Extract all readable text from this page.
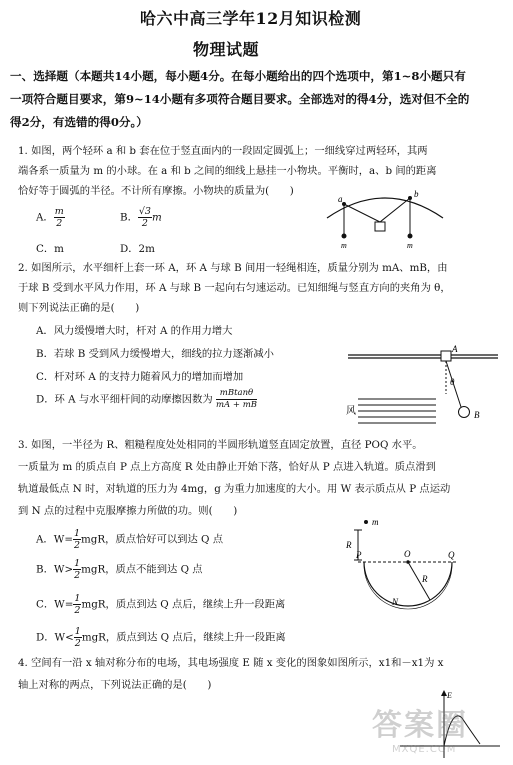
哈六中高三学年12月知识检测
物理试题
一、选择题（本题共14小题，每小题4分。在每小题给出的四个选项中，第1~8小题只有
一项符合题目要求，第9~14小题有多项符合题目要求。全部选对的得4分，选对但不全的
得2分，有选错的得0分。）
1. 如图，两个轻环 a 和 b 套在位于竖直面内的一段固定圆弧上；一细线穿过两轻环，其两
端各系一质量为 m 的小球。在 a 和 b 之间的细线上悬挂一小物块。平衡时，a、b 间的距离
恰好等于圆弧的半径。不计所有摩擦。小物块的质量为(　　)
A． $\frac{m}{2}$	B． $\frac{√3}{2}$ m
C．m	D．2m
a	b
m	m
2. 如图所示，水平细杆上套一环 A，环 A 与球 B 间用一轻绳相连，质量分别为 mA、mB，由
于球 B 受到水平风力作用，环 A 与球 B 一起向右匀速运动。已知细绳与竖直方向的夹角为 θ，
则下列说法正确的是(　　)
A．风力缓慢增大时，杆对 A 的作用力增大
B．若球 B 受到风力缓慢增大，细线的拉力逐渐减小
C．杆对环 A 的支持力随着风力的增加而增加
D．环 A 与水平细杆间的动摩擦因数为 $\frac{mBtan\theta}{mA + mB}$
A
θ
B
风
3. 如图，一半径为 R、粗糙程度处处相同的半圆形轨道竖直固定放置，直径 POQ 水平。
一质量为 m 的质点自 P 点上方高度 R 处由静止开始下落，恰好从 P 点进入轨道。质点滑到
轨道最低点 N 时，对轨道的压力为 4mg，g 为重力加速度的大小。用 W 表示质点从 P 点运动
到 N 点的过程中克服摩擦力所做的功。则(　　)
A．$W= \frac{1}{2}$ mgR，质点恰好可以到达 Q 点
B．$W> \frac{1}{2}$ mgR，质点不能到达 Q 点
C．$W= \frac{1}{2}$ mgR，质点到达 Q 点后，继续上升一段距离
D．$W< \frac{1}{2}$ mgR，质点到达 Q 点后，继续上升一段距离
m
R
P	O	Q
R
N
4. 空间有一沿 x 轴对称分布的电场，其电场强度 E 随 x 变化的图象如图所示，x1和－x1为 x
轴上对称的两点，下列说法正确的是(　　)
E
答案圈
MXQE.COM
